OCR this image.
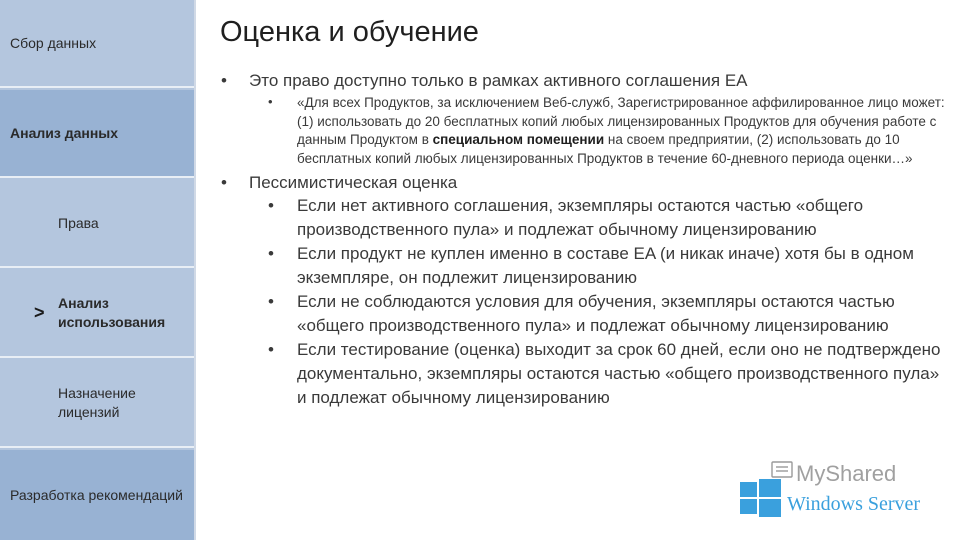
Сбор данных
Анализ данных
Права
> Анализ использования
Назначение лицензий
Разработка рекомендаций
Оценка и обучение
• Это право доступно только в рамках активного соглашения EA
• «Для всех Продуктов, за исключением Веб-служб, Зарегистрированное аффилированное лицо может: (1) использовать до 20 бесплатных копий любых лицензированных Продуктов для обучения работе с данным Продуктом в специальном помещении на своем предприятии, (2) использовать до 10 бесплатных копий любых лицензированных Продуктов в течение 60-дневного периода оценки…»
• Пессимистическая оценка
• Если нет активного соглашения, экземпляры остаются частью «общего производственного пула» и подлежат обычному лицензированию
• Если продукт не куплен именно в составе EA (и никак иначе) хотя бы в одном экземпляре, он подлежит лицензированию
• Если не соблюдаются условия для обучения, экземпляры остаются частью «общего производственного пула» и подлежат обычному лицензированию
• Если тестирование (оценка) выходит за срок 60 дней, если оно не подтверждено документально, экземпляры остаются частью «общего производственного пула» и подлежат обычному лицензированию
MyShared
Windows Server
